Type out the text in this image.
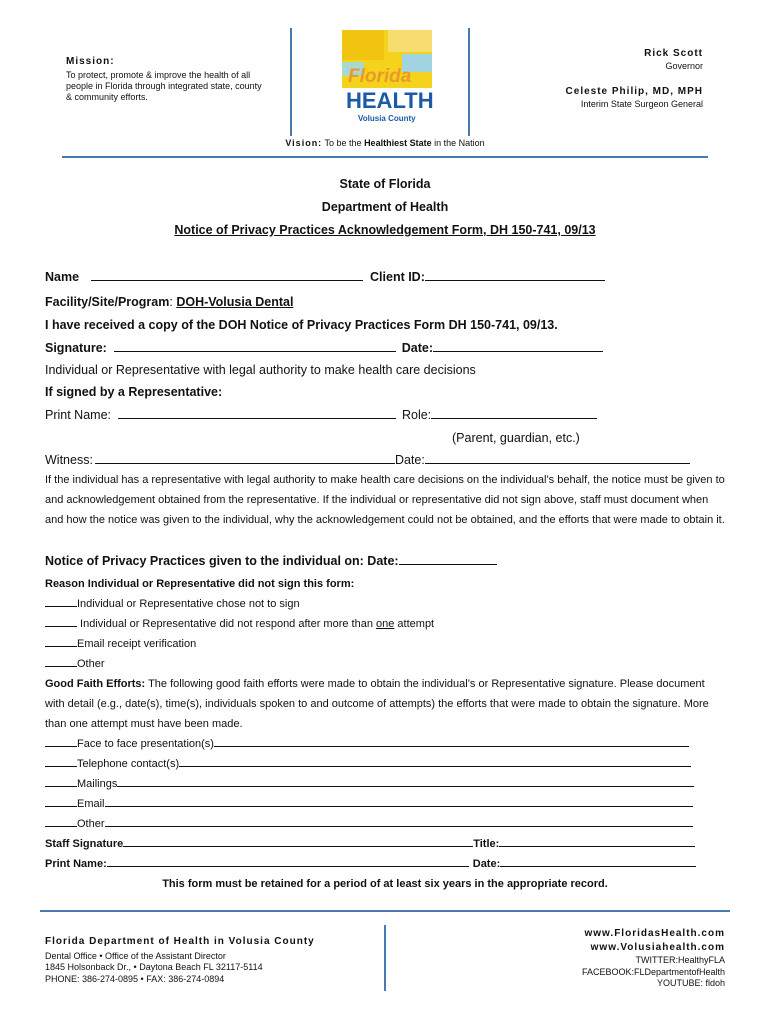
Mission:
To protect, promote & improve the health of all people in Florida through integrated state, county & community efforts.
Florida
HEALTH
Volusia County
Rick Scott
Governor
Celeste Philip, MD, MPH
Interim State Surgeon General
Vision: To be the Healthiest State in the Nation
State of Florida
Department of Health
Notice of Privacy Practices Acknowledgement Form, DH 150-741, 09/13
Name	Client ID:
Facility/Site/Program: DOH-Volusia Dental
I have received a copy of the DOH Notice of Privacy Practices Form DH 150-741, 09/13.
Signature:	Date:
Individual or Representative with legal authority to make health care decisions
If signed by a Representative:
Print Name:	Role:
(Parent, guardian, etc.)
Witness:	Date:
If the individual has a representative with legal authority to make health care decisions on the individual’s behalf, the notice must be given to and acknowledgement obtained from the representative. If the individual or representative did not sign above, staff must document when and how the notice was given to the individual, why the acknowledgement could not be obtained, and the efforts that were made to obtain it.
Notice of Privacy Practices given to the individual on: Date:
Reason Individual or Representative did not sign this form:
Individual or Representative chose not to sign
Individual or Representative did not respond after more than one attempt
Email receipt verification
Other
Good Faith Efforts: The following good faith efforts were made to obtain the individual’s or Representative signature. Please document with detail (e.g., date(s), time(s), individuals spoken to and outcome of attempts) the efforts that were made to obtain the signature. More than one attempt must have been made.
Face to face presentation(s)
Telephone contact(s)
Mailings
Email
Other
Staff Signature	Title:
Print Name:	Date:
This form must be retained for a period of at least six years in the appropriate record.
Florida Department of Health in Volusia County
Dental Office • Office of the Assistant Director
1845 Holsonback Dr., • Daytona Beach FL 32117-5114
PHONE: 386-274-0895 • FAX: 386-274-0894
www.FloridasHealth.com
www.Volusiahealth.com
TWITTER:HealthyFLA
FACEBOOK:FLDepartmentofHealth
YOUTUBE: fldoh
